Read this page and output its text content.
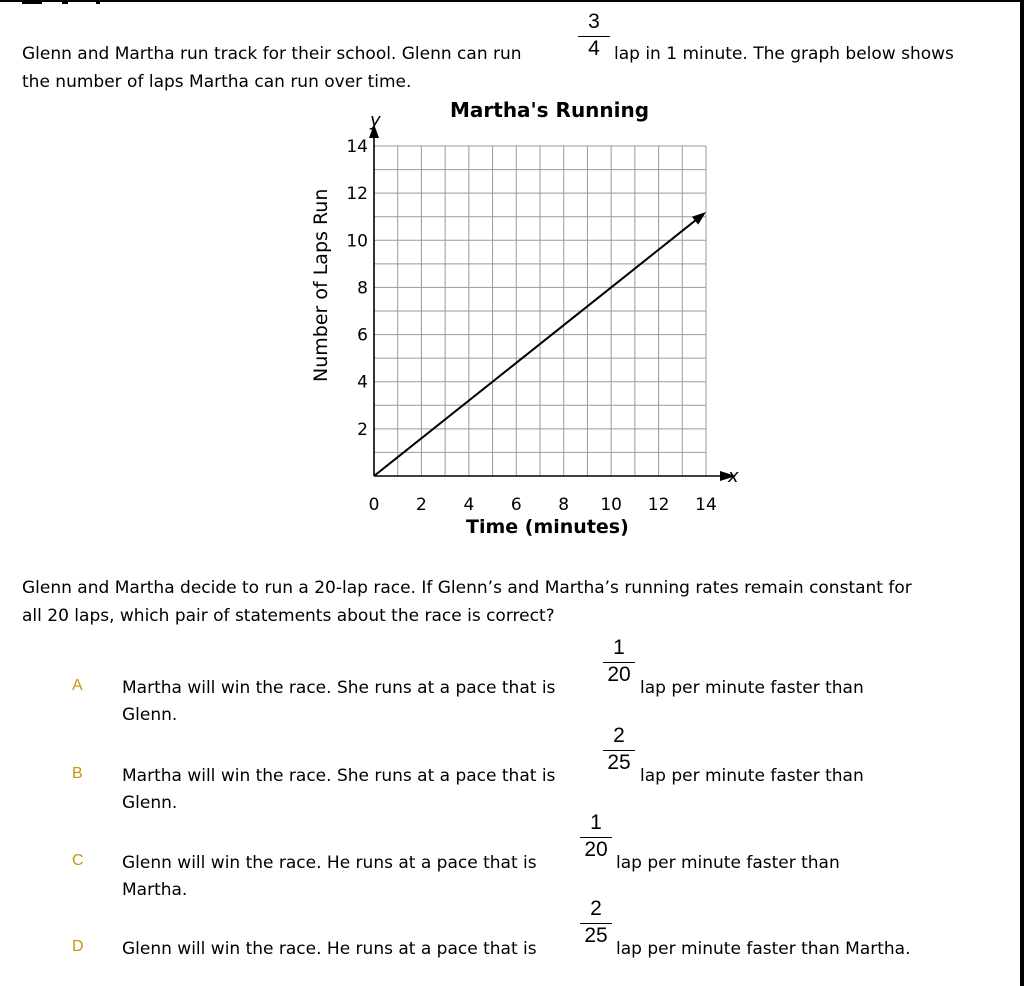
Glenn and Martha run track for their school. Glenn can run	$\frac{3}{4}$ lap in 1 minute. The graph below shows
the number of laps Martha can run over time.
Martha's Running
Number of Laps Run
x
y
0 2 4 6 8 10 12 14
2
4
6
8
10
12
14
Time (minutes)
Glenn and Martha decide to run a 20-lap race. If Glenn’s and Martha’s running rates remain constant for
all 20 laps, which pair of statements about the race is correct?
A Martha will win the race. She runs at a pace that is
$\frac{1}{20}$
lap per minute faster than
Glenn.
B Martha will win the race. She runs at a pace that is
$\frac{2}{25}$
lap per minute faster than
Glenn.
C Glenn will win the race. He runs at a pace that is
$\frac{1}{20}$
lap per minute faster than
Martha.
D Glenn will win the race. He runs at a pace that is
$\frac{2}{25}$
lap per minute faster than Martha.
